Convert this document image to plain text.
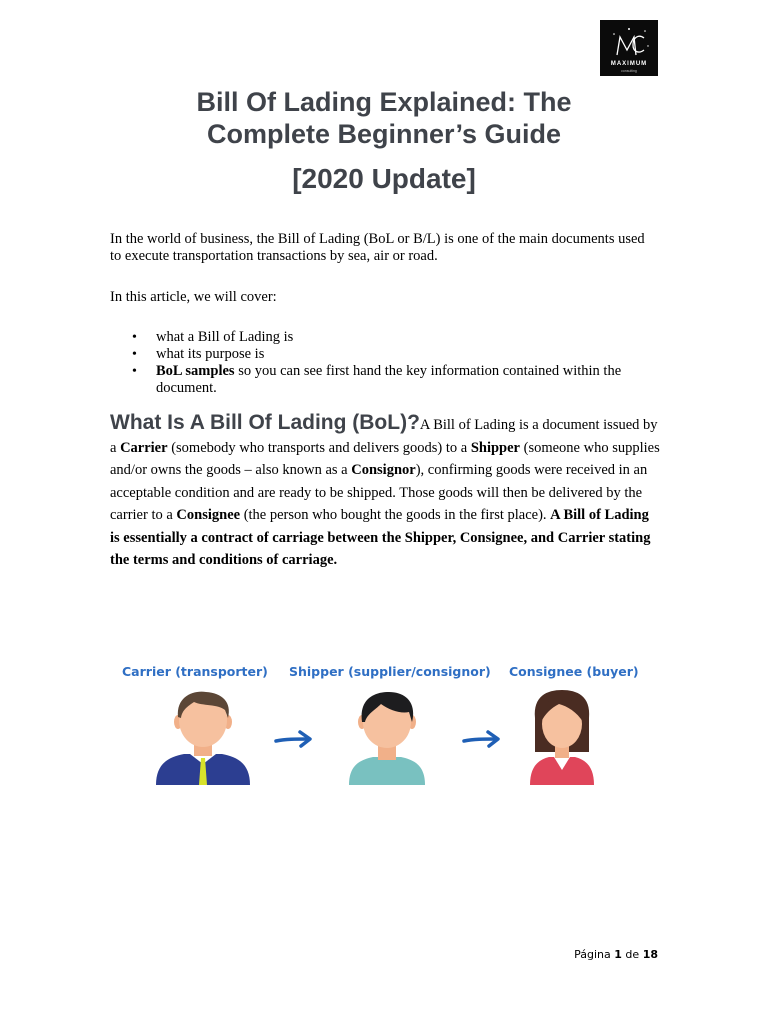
MAXIMUM
consulting
Bill Of Lading Explained: The
Complete Beginner’s Guide
[2020 Update]
In the world of business, the Bill of Lading (BoL or B/L) is one of the main documents used to execute transportation transactions by sea, air or road.
In this article, we will cover:
• what a Bill of Lading is
• what its purpose is
• BoL samples so you can see first hand the key information contained within the document.
What Is A Bill Of Lading (BoL)?A Bill of Lading is a document issued by a Carrier (somebody who transports and delivers goods) to a Shipper (someone who supplies and/or owns the goods – also known as a Consignor), confirming goods were received in an acceptable condition and are ready to be shipped. Those goods will then be delivered by the carrier to a Consignee (the person who bought the goods in the first place). A Bill of Lading is essentially a contract of carriage between the Shipper, Consignee, and Carrier stating the terms and conditions of carriage.
Carrier (transporter) Shipper (supplier/consignor) Consignee (buyer)
Página 1 de 18
